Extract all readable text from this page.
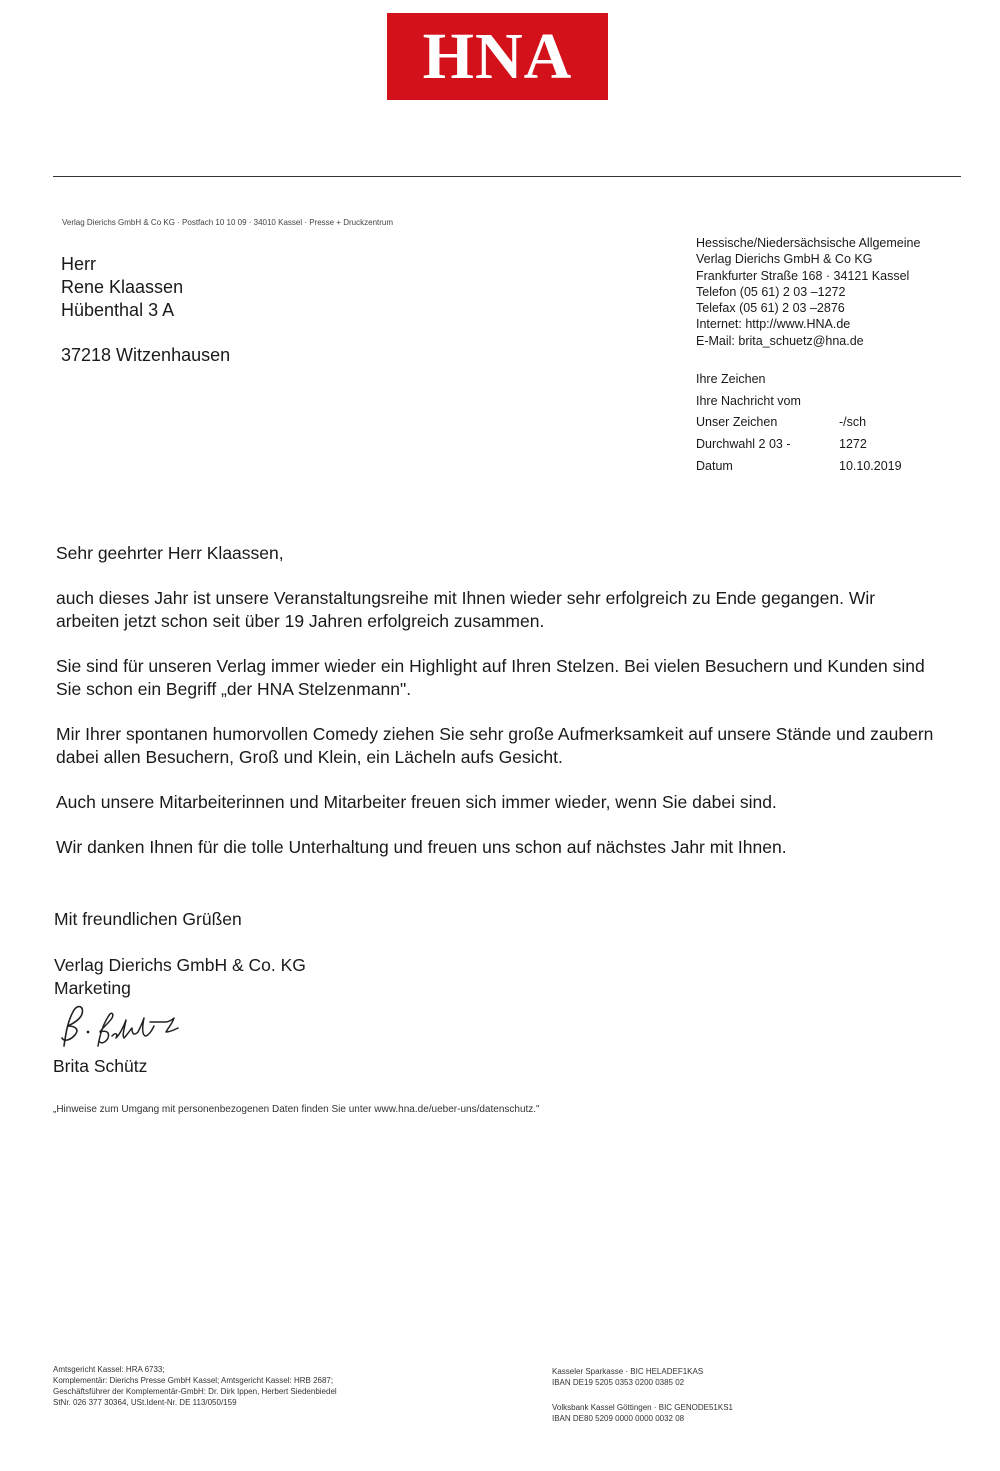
HNA
Verlag Dierichs GmbH & Co KG · Postfach 10 10 09 · 34010 Kassel · Presse + Druckzentrum
Herr
Rene Klaassen
Hübenthal 3 A
37218 Witzenhausen
Hessische/Niedersächsische Allgemeine
Verlag Dierichs GmbH & Co KG
Frankfurter Straße 168 · 34121 Kassel
Telefon (05 61) 2 03 –1272
Telefax (05 61) 2 03 –2876
Internet: http://www.HNA.de
E-Mail: brita_schuetz@hna.de
Ihre Zeichen
Ihre Nachricht vom
Unser Zeichen	-/sch
Durchwahl 2 03 -	1272
Datum	10.10.2019

Sehr geehrter Herr Klaassen,

auch dieses Jahr ist unsere Veranstaltungsreihe mit Ihnen wieder sehr erfolgreich zu Ende gegangen. Wir arbeiten jetzt schon seit über 19 Jahren erfolgreich zusammen.

Sie sind für unseren Verlag immer wieder ein Highlight auf Ihren Stelzen. Bei vielen Besuchern und Kunden sind Sie schon ein Begriff „der HNA Stelzenmann".

Mir Ihrer spontanen humorvollen Comedy ziehen Sie sehr große Aufmerksamkeit auf unsere Stände und zaubern dabei allen Besuchern, Groß und Klein, ein Lächeln aufs Gesicht.

Auch unsere Mitarbeiterinnen und Mitarbeiter freuen sich immer wieder, wenn Sie dabei sind.

Wir danken Ihnen für die tolle Unterhaltung und freuen uns schon auf nächstes Jahr mit Ihnen.

Mit freundlichen Grüßen
Verlag Dierichs GmbH & Co. KG
Marketing
Brita Schütz
„Hinweise zum Umgang mit personenbezogenen Daten finden Sie unter www.hna.de/ueber-uns/datenschutz."
Amtsgericht Kassel: HRA 6733;
Komplementär: Dierichs Presse GmbH Kassel; Amtsgericht Kassel: HRB 2687;
Geschäftsführer der Komplementär-GmbH: Dr. Dirk Ippen, Herbert Siedenbiedel
StNr. 026 377 30364, USt.Ident-Nr. DE 113/050/159
Kasseler Sparkasse · BIC HELADEF1KAS
IBAN DE19 5205 0353 0200 0385 02
Volksbank Kassel Göttingen · BIC GENODE51KS1
IBAN DE80 5209 0000 0000 0032 08
